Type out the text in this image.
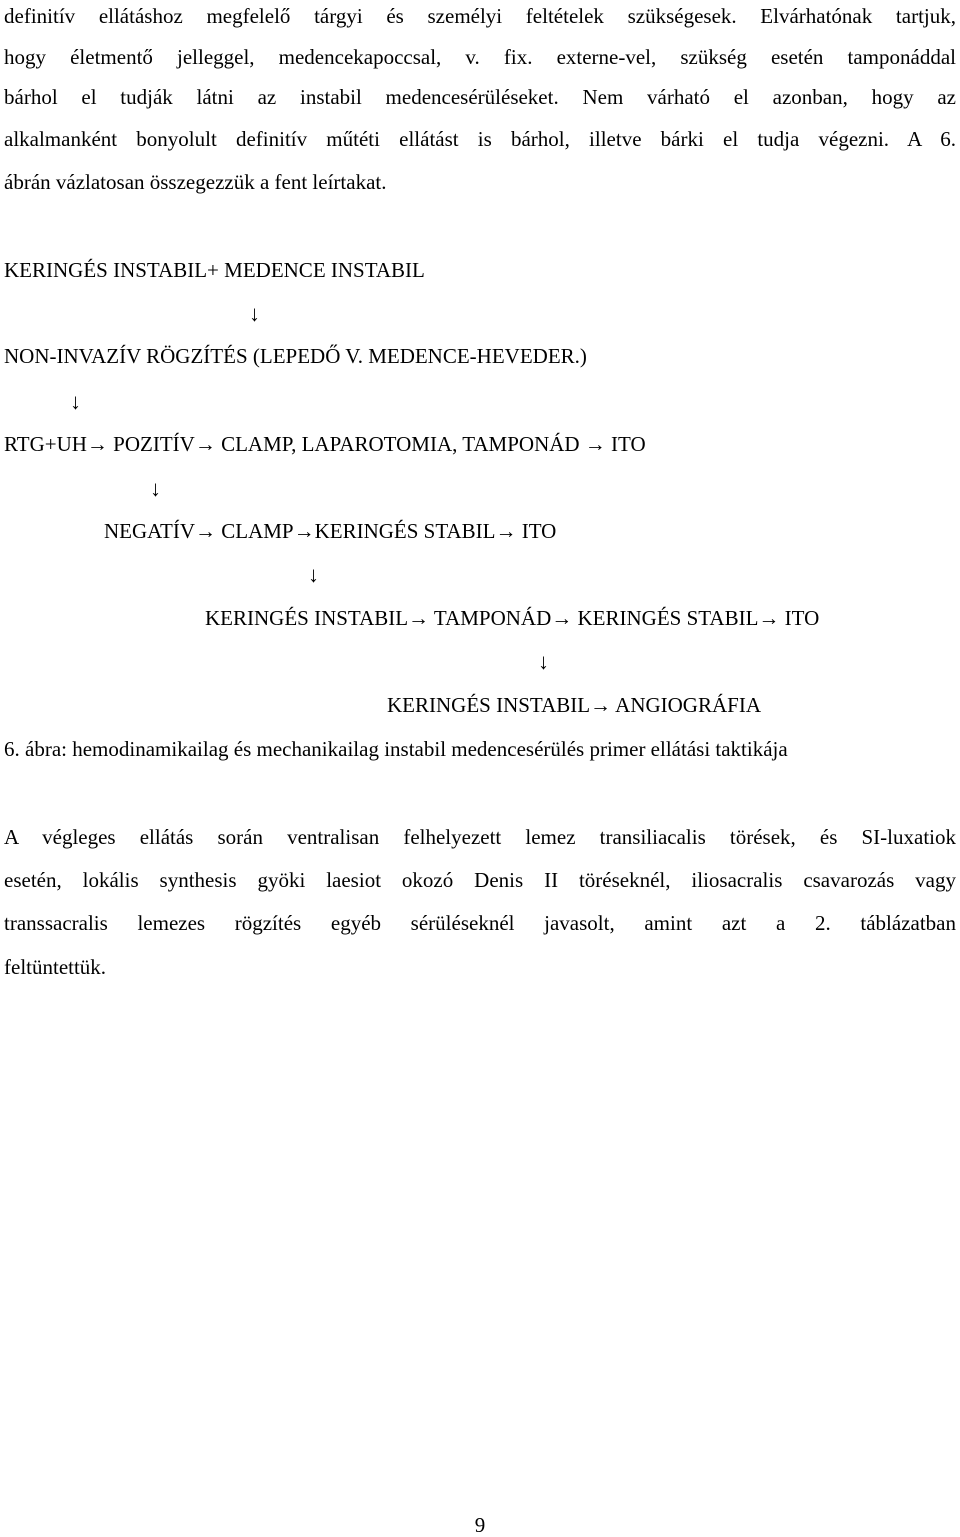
definitív ellátáshoz megfelelő tárgyi és személyi feltételek szükségesek. Elvárhatónak tartjuk,
hogy életmentő jelleggel, medencekapoccsal, v. fix. externe-vel, szükség esetén tamponáddal
bárhol el tudják látni az instabil medencesérüléseket. Nem várható el azonban, hogy az
alkalmanként bonyolult definitív műtéti ellátást is bárhol, illetve bárki el tudja végezni. A 6.
ábrán vázlatosan összegezzük a fent leírtakat.
KERINGÉS INSTABIL+ MEDENCE INSTABIL
↓
NON-INVAZÍV RÖGZÍTÉS (LEPEDŐ V. MEDENCE-HEVEDER.)
↓
RTG+UH→ POZITÍV→ CLAMP, LAPAROTOMIA, TAMPONÁD → ITO
↓
NEGATÍV→ CLAMP→KERINGÉS STABIL→ ITO
↓
KERINGÉS INSTABIL→ TAMPONÁD→ KERINGÉS STABIL→ ITO
↓
KERINGÉS INSTABIL→ ANGIOGRÁFIA
6. ábra: hemodinamikailag és mechanikailag instabil medencesérülés primer ellátási taktikája
A végleges ellátás során ventralisan felhelyezett lemez transiliacalis törések, és SI-luxatiok
esetén, lokális synthesis gyöki laesiot okozó Denis II töréseknél, iliosacralis csavarozás vagy
transsacralis lemezes rögzítés egyéb sérüléseknél javasolt, amint azt a 2. táblázatban
feltüntettük.
9
